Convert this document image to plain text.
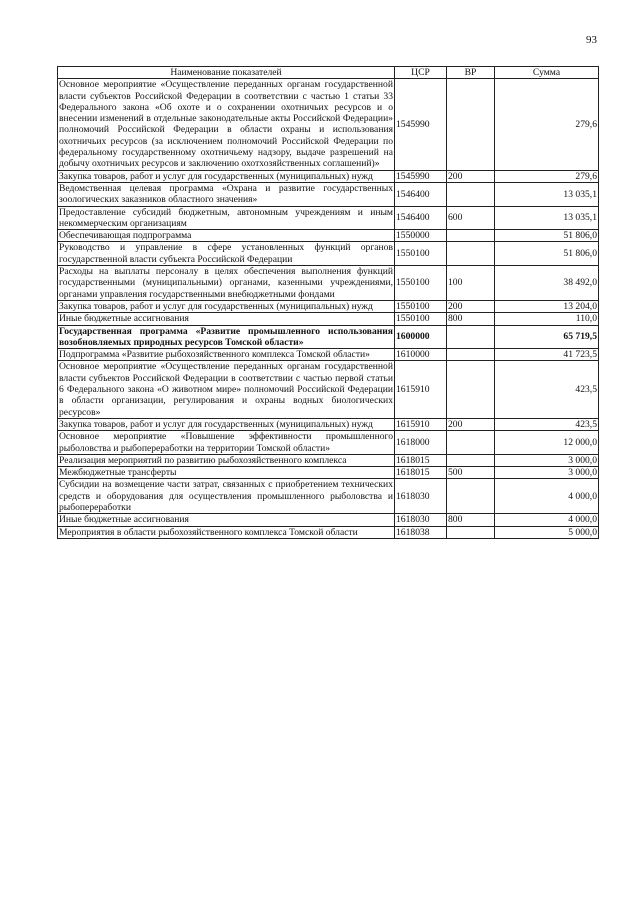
93
Наименование показателей	ЦСР	ВР	Сумма
Основное мероприятие «Осуществление переданных органам государственной власти субъектов Российской Федерации в соответствии с частью 1 статьи 33 Федерального закона «Об охоте и о сохранении охотничьих ресурсов и о внесении изменений в отдельные законодательные акты Российской Федерации» полномочий Российской Федерации в области охраны и использования охотничьих ресурсов (за исключением полномочий Российской Федерации по федеральному государственному охотничьему надзору, выдаче разрешений на добычу охотничьих ресурсов и заключению охотхозяйственных соглашений)»	1545990		279,6
Закупка товаров, работ и услуг для государственных (муниципальных) нужд	1545990	200	279,6
Ведомственная целевая программа «Охрана и развитие государственных зоологических заказников областного значения»	1546400		13 035,1
Предоставление субсидий бюджетным, автономным учреждениям и иным некоммерческим организациям	1546400	600	13 035,1
Обеспечивающая подпрограмма	1550000		51 806,0
Руководство и управление в сфере установленных функций органов государственной власти субъекта Российской Федерации	1550100		51 806,0
Расходы на выплаты персоналу в целях обеспечения выполнения функций государственными (муниципальными) органами, казенными учреждениями, органами управления государственными внебюджетными фондами	1550100	100	38 492,0
Закупка товаров, работ и услуг для государственных (муниципальных) нужд	1550100	200	13 204,0
Иные бюджетные ассигнования	1550100	800	110,0
Государственная программа «Развитие промышленного использования возобновляемых природных ресурсов Томской области»	1600000		65 719,5
Подпрограмма «Развитие рыбохозяйственного комплекса Томской области»	1610000		41 723,5
Основное мероприятие «Осуществление переданных органам государственной власти субъектов Российской Федерации в соответствии с частью первой статьи 6 Федерального закона «О животном мире» полномочий Российской Федерации в области организации, регулирования и охраны водных биологических ресурсов»	1615910		423,5
Закупка товаров, работ и услуг для государственных (муниципальных) нужд	1615910	200	423,5
Основное мероприятие «Повышение эффективности промышленного рыболовства и рыбопереработки на территории Томской области»	1618000		12 000,0
Реализация мероприятий по развитию рыбохозяйственного комплекса	1618015		3 000,0
Межбюджетные трансферты	1618015	500	3 000,0
Субсидии на возмещение части затрат, связанных с приобретением технических средств и оборудования для осуществления промышленного рыболовства и рыбопереработки	1618030		4 000,0
Иные бюджетные ассигнования	1618030	800	4 000,0
Мероприятия в области рыбохозяйственного комплекса Томской области	1618038		5 000,0
